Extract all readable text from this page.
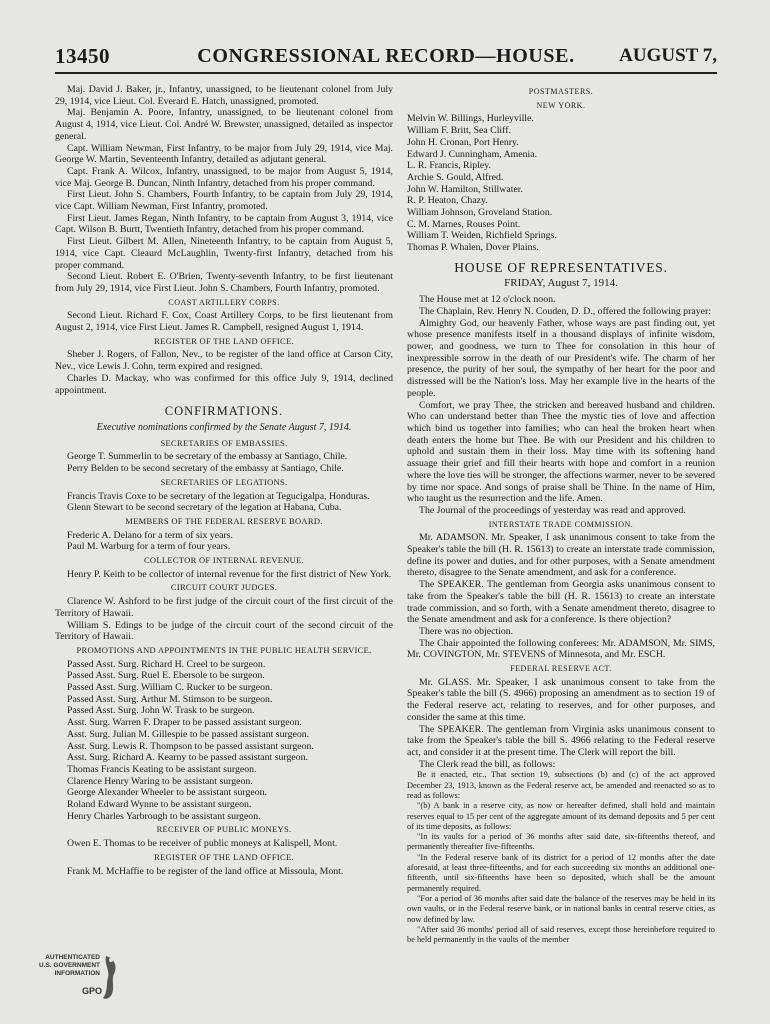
13450	CONGRESSIONAL RECORD—HOUSE.	AUGUST 7,

Maj. David J. Baker, jr., Infantry, unassigned, to be lieutenant colonel from July 29, 1914, vice Lieut. Col. Everard E. Hatch, unassigned, promoted.

Maj. Benjamin A. Poore, Infantry, unassigned, to be lieutenant colonel from August 4, 1914, vice Lieut. Col. André W. Brewster, unassigned, detailed as inspector general.

Capt. William Newman, First Infantry, to be major from July 29, 1914, vice Maj. George W. Martin, Seventeenth Infantry, detailed as adjutant general.

Capt. Frank A. Wilcox, Infantry, unassigned, to be major from August 5, 1914, vice Maj. George B. Duncan, Ninth Infantry, detached from his proper command.

First Lieut. John S. Chambers, Fourth Infantry, to be captain from July 29, 1914, vice Capt. William Newman, First Infantry, promoted.

First Lieut. James Regan, Ninth Infantry, to be captain from August 3, 1914, vice Capt. Wilson B. Burtt, Twentieth Infantry, detached from his proper command.

First Lieut. Gilbert M. Allen, Nineteenth Infantry, to be captain from August 5, 1914, vice Capt. Cleaurd McLaughlin, Twenty-first Infantry, detached from his proper command.

Second Lieut. Robert E. O'Brien, Twenty-seventh Infantry, to be first lieutenant from July 29, 1914, vice First Lieut. John S. Chambers, Fourth Infantry, promoted.

COAST ARTILLERY CORPS.

Second Lieut. Richard F. Cox, Coast Artillery Corps, to be first lieutenant from August 2, 1914, vice First Lieut. James R. Campbell, resigned August 1, 1914.

REGISTER OF THE LAND OFFICE.

Sheber J. Rogers, of Fallon, Nev., to be register of the land office at Carson City, Nev., vice Lewis J. Cohn, term expired and resigned.

Charles D. Mackay, who was confirmed for this office July 9, 1914, declined appointment.

CONFIRMATIONS.
Executive nominations confirmed by the Senate August 7, 1914.
SECRETARIES OF EMBASSIES.

George T. Summerlin to be secretary of the embassy at Santiago, Chile.

Perry Belden to be second secretary of the embassy at Santiago, Chile.

SECRETARIES OF LEGATIONS.

Francis Travis Coxe to be secretary of the legation at Tegucigalpa, Honduras.

Glenn Stewart to be second secretary of the legation at Habana, Cuba.

MEMBERS OF THE FEDERAL RESERVE BOARD.

Frederic A. Delano for a term of six years.

Paul M. Warburg for a term of four years.

COLLECTOR OF INTERNAL REVENUE.

Henry P. Keith to be collector of internal revenue for the first district of New York.

CIRCUIT COURT JUDGES.

Clarence W. Ashford to be first judge of the circuit court of the first circuit of the Territory of Hawaii.

William S. Edings to be judge of the circuit court of the second circuit of the Territory of Hawaii.

PROMOTIONS AND APPOINTMENTS IN THE PUBLIC HEALTH SERVICE.

Passed Asst. Surg. Richard H. Creel to be surgeon.

Passed Asst. Surg. Ruel E. Ebersole to be surgeon.

Passed Asst. Surg. William C. Rucker to be surgeon.

Passed Asst. Surg. Arthur M. Stimson to be surgeon.

Passed Asst. Surg. John W. Trask to be surgeon.

Asst. Surg. Warren F. Draper to be passed assistant surgeon.

Asst. Surg. Julian M. Gillespie to be passed assistant surgeon.

Asst. Surg. Lewis R. Thompson to be passed assistant surgeon.

Asst. Surg. Richard A. Kearny to be passed assistant surgeon.

Thomas Francis Keating to be assistant surgeon.

Clarence Henry Waring to be assistant surgeon.

George Alexander Wheeler to be assistant surgeon.

Roland Edward Wynne to be assistant surgeon.

Henry Charles Yarbrough to be assistant surgeon.

RECEIVER OF PUBLIC MONEYS.

Owen E. Thomas to be receiver of public moneys at Kalispell, Mont.

REGISTER OF THE LAND OFFICE.

Frank M. McHaffie to be register of the land office at Missoula, Mont.

POSTMASTERS.
NEW YORK.
Melvin W. Billings, Hurleyville.
William F. Britt, Sea Cliff.
John H. Cronan, Port Henry.
Edward J. Cunningham, Amenia.
L. R. Francis, Ripley.
Archie S. Gould, Alfred.
John W. Hamilton, Stillwater.
R. P. Heaton, Chazy.
William Johnson, Groveland Station.
C. M. Marnes, Rouses Point.
William T. Weiden, Richfield Springs.
Thomas P. Whalen, Dover Plains.
HOUSE OF REPRESENTATIVES.
FRIDAY, August 7, 1914.

The House met at 12 o'clock noon.

The Chaplain, Rev. Henry N. Couden, D. D., offered the following prayer:

Almighty God, our heavenly Father, whose ways are past finding out, yet whose presence manifests itself in a thousand displays of infinite wisdom, power, and goodness, we turn to Thee for consolation in this hour of inexpressible sorrow in the death of our President's wife. The charm of her presence, the purity of her soul, the sympathy of her heart for the poor and distressed will be the Nation's loss. May her example live in the hearts of the people.

Comfort, we pray Thee, the stricken and bereaved husband and children. Who can understand better than Thee the mystic ties of love and affection which bind us together into families; who can heal the broken heart when death enters the home but Thee. Be with our President and his children to uphold and sustain them in their loss. May time with its softening hand assuage their grief and fill their hearts with hope and comfort in a reunion where the love ties will be stronger, the affections warmer, never to be severed by time nor space. And songs of praise shall be Thine. In the name of Him, who taught us the resurrection and the life. Amen.

The Journal of the proceedings of yesterday was read and approved.

INTERSTATE TRADE COMMISSION.

Mr. ADAMSON. Mr. Speaker, I ask unanimous consent to take from the Speaker's table the bill (H. R. 15613) to create an interstate trade commission, define its power and duties, and for other purposes, with a Senate amendment thereto, disagree to the Senate amendment, and ask for a conference.

The SPEAKER. The gentleman from Georgia asks unanimous consent to take from the Speaker's table the bill (H. R. 15613) to create an interstate trade commission, and so forth, with a Senate amendment thereto, disagree to the Senate amendment and ask for a conference. Is there objection?

There was no objection.

The Chair appointed the following conferees: Mr. ADAMSON, Mr. SIMS, Mr. COVINGTON, Mr. STEVENS of Minnesota, and Mr. ESCH.

FEDERAL RESERVE ACT.

Mr. GLASS. Mr. Speaker, I ask unanimous consent to take from the Speaker's table the bill (S. 4966) proposing an amendment as to section 19 of the Federal reserve act, relating to reserves, and for other purposes, and consider the same at this time.

The SPEAKER. The gentleman from Virginia asks unanimous consent to take from the Speaker's table the bill S. 4966 relating to the Federal reserve act, and consider it at the present time. The Clerk will report the bill.

The Clerk read the bill, as follows:

Be it enacted, etc., That section 19, subsections (b) and (c) of the act approved December 23, 1913, known as the Federal reserve act, be amended and reenacted so as to read as follows:

"(b) A bank in a reserve city, as now or hereafter defined, shall hold and maintain reserves equal to 15 per cent of the aggregate amount of its demand deposits and 5 per cent of its time deposits, as follows:

"In its vaults for a period of 36 months after said date, six-fifteenths thereof, and permanently thereafter five-fifteenths.

"In the Federal reserve bank of its district for a period of 12 months after the date aforesaid, at least three-fifteenths, and for each succeeding six months an additional one-fifteenth, until six-fifteenths have been so deposited, which shall be the amount permanently required.

"For a period of 36 months after said date the balance of the reserves may be held in its own vaults, or in the Federal reserve bank, or in national banks in central reserve cities, as now defined by law.

"After said 36 months' period all of said reserves, except those hereinbefore required to be held permanently in the vaults of the member

AUTHENTICATED U.S. GOVERNMENT INFORMATION
GPO
